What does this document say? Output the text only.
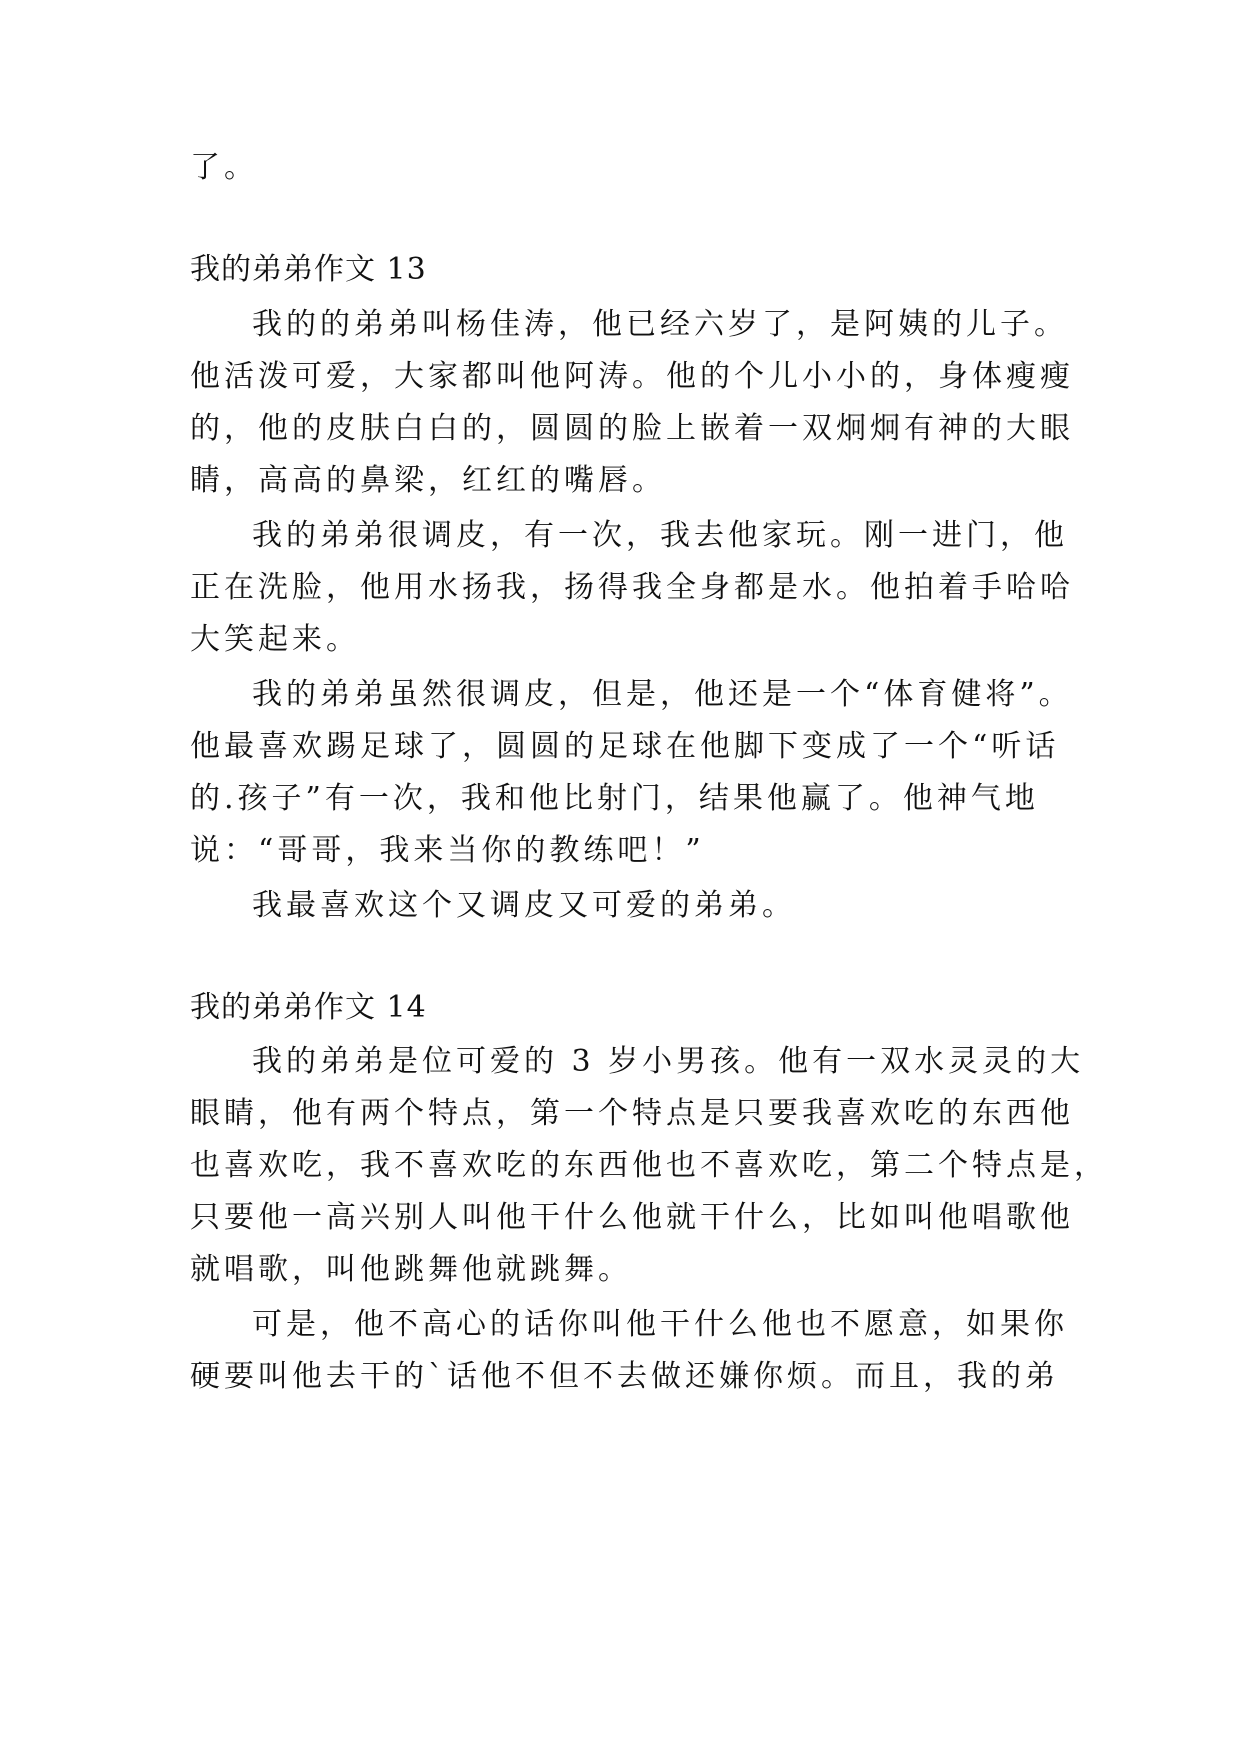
了。
我的弟弟作文 13
我的的弟弟叫杨佳涛，他已经六岁了，是阿姨的儿子。
他活泼可爱，大家都叫他阿涛。他的个儿小小的，身体瘦瘦
的，他的皮肤白白的，圆圆的脸上嵌着一双炯炯有神的大眼
睛，高高的鼻梁，红红的嘴唇。
我的弟弟很调皮，有一次，我去他家玩。刚一进门，他
正在洗脸，他用水扬我，扬得我全身都是水。他拍着手哈哈
大笑起来。
我的弟弟虽然很调皮，但是，他还是一个“体育健将”。
他最喜欢踢足球了，圆圆的足球在他脚下变成了一个“听话
的.孩子”有一次，我和他比射门，结果他赢了。他神气地
说：“哥哥，我来当你的教练吧！”
我最喜欢这个又调皮又可爱的弟弟。
我的弟弟作文 14
我的弟弟是位可爱的 3 岁小男孩。他有一双水灵灵的大
眼睛，他有两个特点，第一个特点是只要我喜欢吃的东西他
也喜欢吃，我不喜欢吃的东西他也不喜欢吃，第二个特点是，
只要他一高兴别人叫他干什么他就干什么，比如叫他唱歌他
就唱歌，叫他跳舞他就跳舞。
可是，他不高心的话你叫他干什么他也不愿意，如果你
硬要叫他去干的`话他不但不去做还嫌你烦。而且，我的弟
